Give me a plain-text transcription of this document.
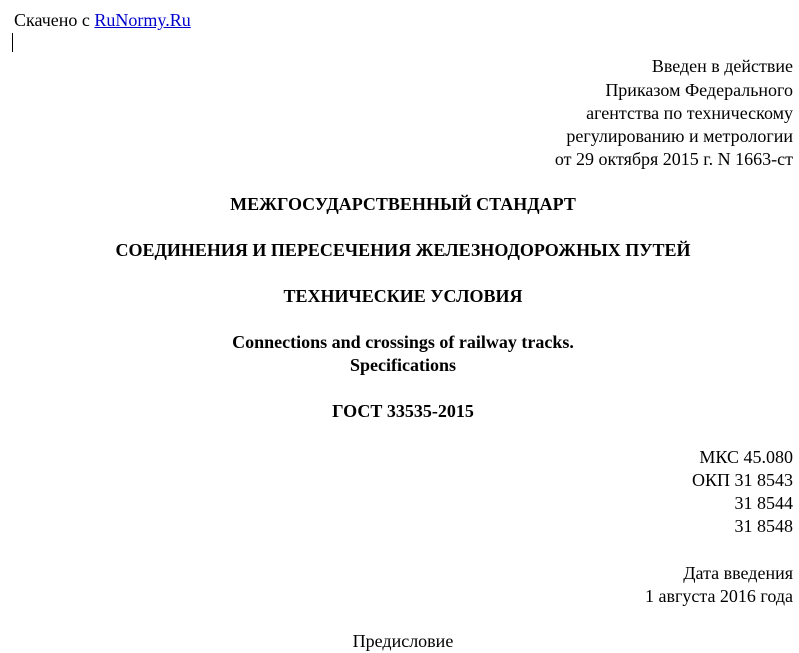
Скачено с RuNormy.Ru
Введен в действие
Приказом Федерального
агентства по техническому
регулированию и метрологии
от 29 октября 2015 г. N 1663-ст
МЕЖГОСУДАРСТВЕННЫЙ СТАНДАРТ
СОЕДИНЕНИЯ И ПЕРЕСЕЧЕНИЯ ЖЕЛЕЗНОДОРОЖНЫХ ПУТЕЙ
ТЕХНИЧЕСКИЕ УСЛОВИЯ
Connections and crossings of railway tracks.
Specifications
ГОСТ 33535-2015
МКС 45.080
ОКП 31 8543
31 8544
31 8548
Дата введения
1 августа 2016 года
Предисловие
